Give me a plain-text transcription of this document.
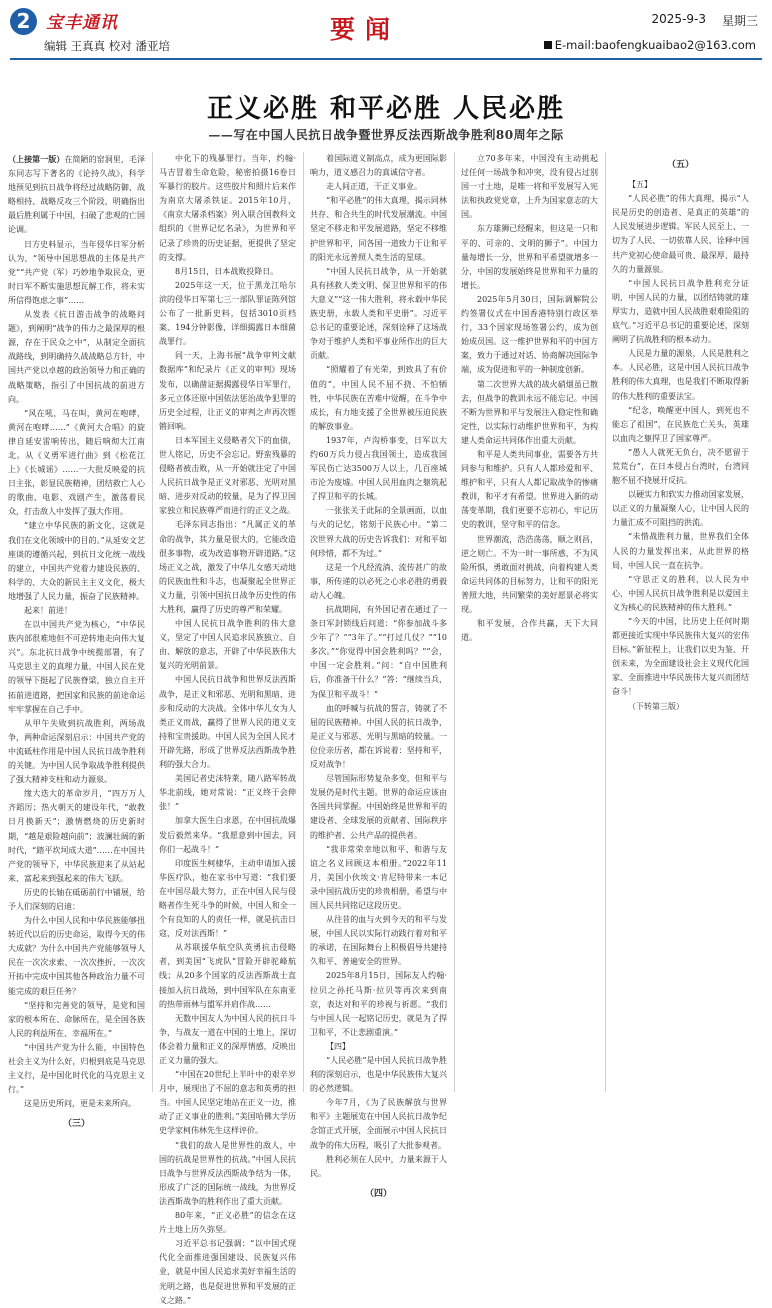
2 宝丰通讯
编辑 王真真 校对 潘亚培
要闻	2025-9-3 星期三
E-mail:baofengkuaibao2@163.com
正义必胜 和平必胜 人民必胜
——写在中国人民抗日战争暨世界反法西斯战争胜利80周年之际

（上接第一版）在简陋的窑洞里，毛泽东同志写下著名的《论持久战》，科学地预见到抗日战争将经过战略防御、战略相持、战略反攻三个阶段，明确指出最后胜利属于中国，扫破了悲观的亡国论调。

日方史料显示，当年侵华日军分析认为，“领导中国思想战的主体是共产党”“共产党（军）巧妙地争取民众，更时日军不断实施思想瓦解工作，将未实所信得饱虑之事”……

从发表《抗日游击战争的战略问题》，到阐明“战争的伟力之最深厚的根源，存在于民众之中”，从制定全面抗战路线，到明确持久战战略总方针，中国共产党以卓越的政治领导力和正确的战略策略，指引了中国抗战的前进方向。

“风在吼，马在叫，黄河在咆哮，黄河在咆哮……”《黄河大合唱》的旋律自延安雷响传出，随后响彻大江南北。从《义勇军进行曲》到《松花江上》《长城谣》……一大批反映爱的抗日主张，彰显民族精神，团结救亡人心的歌曲、电影、戏剧产生，激荡着民众，打击敌人中发挥了强大作用。

“建立中华民族的新文化，这就是我们在文化领域中的目的。”从延安文艺座谈的遵循兴起，到抗日文化统一战线的建立，中国共产党着力建设民族的、科学的、大众的新民主主义文化，极大地增强了人民力量，振奋了民族精神。

起来！前进！

在以中国共产党为核心，“中华民族内部很难地但不可逆转地走向伟大复兴”。东北抗日战争中统揽部署，有了马克思主义的真理力量，中国人民在党的领导下挺起了民族脊梁，独立自主开拓前进道路，把国家和民族的前途命运牢牢掌握在自己手中。

从甲午失败到抗战胜利，两场战争，两种命运深刻启示：中国共产党的中流砥柱作用是中国人民抗日战争胜利的关键。为中国人民争取战争胜利提供了强大精神支柱和动力源泉。

缘大迭大的革命岁月，“四万万人齐蹈厉；热火朝天的建设年代，“敢教日月换新天”；激情燃烧的历史新时期，“越是艰险越向前”；波澜壮阔的新时代，“踏平坎坷成大道”……在中国共产党的领导下，中华民族迎来了从站起来、富起来到强起来的伟大飞跃。

历史的长轴在砥砺前行中铺展，给予人们深刻的启迪：

为什么中国人民和中华民族能够扭转近代以后的历史命运，取得今天的伟大成就？为什么中国共产党能够领导人民在一次次求索、一次次挫折、一次次开拓中完成中国其他各种政治力量不可能完成的艰巨任务？

“坚持和完善党的领导，是党和国家的根本所在、命脉所在，是全国各族人民的利益所在、幸福所在。”

“中国共产党为什么能，中国特色社会主义为什么好，归根到底是马克思主义行，是中国化时代化的马克思主义行。”

这是历史所问，更是未来所向。

（三）

中化下的残暴罪行。当年，约翰·马吉冒着生命危险，秘密拍摄16卷日军暴行的胶片。这些胶片和照片后来作为南京大屠杀铁证。2015年10月，《南京大屠杀档案》列入联合国教科文组织的《世界记忆名录》，为世界和平记录了珍贵的历史证据，更提供了坚定的支撑。

8月15日，日本战败投降日。

2025年这一天，位于黑龙江哈尔滨的侵华日军第七三一部队罪证陈列馆公布了一批新史料，包括3010页档案、194分钟影像，详细揭露日本细菌战罪行。

同一天，上海书展“战争审判文献数据库”和纪录片《正义的审判》现场发布，以确凿证据揭露侵华日军罪行，多元立体还原中国依法惩治战争犯罪的历史全过程，让正义的审判之声再次铿锵回响。

日本军国主义侵略者欠下的血债，世人铭记，历史不会忘记。野蛮残暴的侵略者被击败，从一开始就注定了中国人民抗日战争是正义对邪恶、光明对黑暗、进步对反动的较量，是为了捍卫国家独立和民族尊严而进行的正义之战。

毛泽东同志指出：“凡属正义的革命的战争，其力量是很大的，它能改造很多事物，或为改造事物开辟道路。”这场正义之战，激发了中华儿女感天动地的民族血性和斗志，也凝聚起全世界正义力量，引领中国抗日战争历史性的伟大胜利，赢得了历史的尊严和荣耀。

中国人民抗日战争胜利的伟大意义，坚定了中国人民追求民族独立、自由、解放的意志，开辟了中华民族伟大复兴的光明前景。

中国人民抗日战争和世界反法西斯战争，是正义和邪恶、光明和黑暗、进步和反动的大决战。全体中华儿女为人类正义而战，赢得了世界人民的道义支持和宝贵援助。中国人民为全国人民才开辟先路，形成了世界反法西斯战争胜利的强大合力。

美国记者史沫特莱，随八路军转战华北前线，她对常说：“正义终于会伸张！”

加拿大医生白求恩，在中国抗战爆发后毅然来华。“我愿意到中国去，同你们一起战斗！”

印度医生柯棣华，主动申请加入援华医疗队，他在家书中写道：“我们要在中国尽最大努力，正在中国人民与侵略者作生死斗争的时候，中国人和全一个有良知的人的责任一样，就是抗击日寇，反对法西斯！”

从苏联援华航空队英勇抗击侵略者，到美国“飞虎队”冒险开辟驼峰航线；从20多个国家的反法西斯战士直接加入抗日战场，到中国军队在东南亚的热带雨林与盟军并肩作战……

无数中国友人为中国人民的抗日斗争，与战友一道在中国的土地上，深切体会着力量和正义的深厚情感，反映出正义力量的强大。

“中国在20世纪上半叶中的艰辛岁月中，展现出了不屈的意志和英勇的担当。中国人民坚定地站在正义一边，推动了正义事业的胜利。”美国哈佛大学历史学家柯伟林先生这样评价。

“我们的敌人是世界性的敌人，中国的抗战是世界性的抗战。”中国人民抗日战争与世界反法西斯战争结为一体，形成了广泛的国际统一战线，为世界反法西斯战争的胜利作出了重大贡献。

80年来，“正义必胜”的信念在这片土地上历久弥坚。

习近平总书记强调：“以中国式现代化全面推进强国建设、民族复兴伟业，就是中国人民追求美好幸福生活的光明之路，也是促进世界和平发展的正义之路。”

着国际道义制高点，成为更国际影响力，道义感召力的真诚信守者。

走人间正道，干正义事业。

“和平必胜”的伟大真理，揭示同林共存、和合共生的时代发展潮流。中国坚定不移走和平发展道路，坚定不移维护世界和平，同各国一道致力于让和平的阳光永远普照人类生活的星球。

“中国人民抗日战争，从一开始就具有拯救人类文明、保卫世界和平的伟大意义”“这一伟大胜利，将永载中华民族史册，永载人类和平史册”。习近平总书记的重要论述，深刻诠释了这场战争对于维护人类和平事业所作出的巨大贡献。

“照耀着了有光荣，到致具了有价值的”，中国人民不屈不挠、不怕牺牲，中华民族在苦难中觉醒，在斗争中成长，有力地支援了全世界被压迫民族的解放事业。

1937年，卢沟桥事变，日军以大约60万兵力侵占我国领土，造成我国军民伤亡达3500万人以上，几百座城市沦为废墟。中国人民用血肉之躯筑起了捍卫和平的长城。

一张张关于此际的全景画面，以血与火的记忆，铭刻于民族心中。“第二次世界大战的历史告诉我们：对和平如何珍惜，都不为过。”

这是一个凡经流淌、流传甚广的故事，所传递的以必死之心求必胜的勇毅动人心魄。

抗战期间，有外国记者在通过了一条日军封锁线后问道：“你参加战斗多少年了？”“3年了。”“打过几仗？”“10多次。”“你觉得中国会胜利吗？”“会，中国一定会胜利。”问：“自中国胜利后，你准备干什么？”答：“继续当兵，为保卫和平战斗！”

血的呼喊与抗战的誓言，铸就了不屈的民族精神。中国人民的抗日战争，是正义与邪恶、光明与黑暗的较量。一位位亲历者，都在诉说着：坚持和平，反对战争！

尽管国际形势复杂多变，但和平与发展仍是时代主题。世界的命运应该由各国共同掌握。中国始终是世界和平的建设者、全球发展的贡献者、国际秩序的维护者、公共产品的提供者。

“我非常荣幸地以和平、和谐与友谊之名义回顾这本相册。”2022年11月，美国小伙埃文·肯尼特带来一本记录中国抗战历史的珍贵相册，希望与中国人民共同铭记这段历史。

从往昔的血与火到今天的和平与发展，中国人民以实际行动践行着对和平的承诺，在国际舞台上积极倡导共建持久和平、普遍安全的世界。

2025年8月15日，国际友人约翰·拉贝之孙托马斯·拉贝等再次来到南京，表达对和平的珍视与祈愿。“我们与中国人民一起铭记历史，就是为了捍卫和平，不让悲剧重演。”

【四】

“人民必胜”是中国人民抗日战争胜利的深刻启示，也是中华民族伟大复兴的必然逻辑。

今年7月，《为了民族解放与世界和平》主题展览在中国人民抗日战争纪念馆正式开展，全面展示中国人民抗日战争的伟大历程，吸引了大批参观者。

胜利必须在人民中，力量来源于人民。

（四）

立70多年来，中国没有主动挑起过任何一场战争和冲突，没有侵占过别国一寸土地，是唯一将和平发展写入宪法和执政党党章，上升为国家意志的大国。

东方雄狮已经醒来，但这是一只和平的、可亲的、文明的狮子”。中国力量每增长一分，世界和平希望就增多一分，中国的发展始终是世界和平力量的增长。

2025年5月30日，国际调解院公约签署仪式在中国香港特别行政区举行，33个国家现场签署公约，成为创始成员国。这一维护世界和平的中国方案，致力于通过对话、协商解决国际争端，成为促进和平的一种制度创新。

第二次世界大战的战火硝烟虽已散去，但战争的教训永远不能忘记。中国不断为世界和平与发展注入稳定性和确定性，以实际行动维护世界和平，为构建人类命运共同体作出重大贡献。

和平是人类共同事业，需要各方共同参与和维护。只有人人都珍爱和平、维护和平，只有人人都记取战争的惨痛教训，和平才有希望。世界进入新的动荡变革期，我们更要不忘初心，牢记历史的教训，坚守和平的信念。

世界潮流，浩浩荡荡，顺之则昌，逆之则亡。不为一时一事所惑，不为风险所惧，勇敢面对挑战，向着构建人类命运共同体的目标努力，让和平的阳光普照大地，共同繁荣的美好愿景必将实现。

和平发展，合作共赢，天下大同道。

（五）

【五】

“人民必胜”的伟大真理，揭示“人民是历史的创造者、是真正的英雄”的人民发展进步逻辑。军民人民至上、一切为了人民、一切依靠人民，诠释中国共产党初心使命最可贵、最深厚、最持久的力量源泉。

“中国人民抗日战争胜利充分证明，中国人民的力量，以团结铸就的雄厚实力，造就中国人民战胜艰难险阻的底气。”习近平总书记的重要论述，深刻阐明了抗战胜利的根本动力。

人民是力量的源泉，人民是胜利之本。人民必胜，这是中国人民抗日战争胜利的伟大真理，也是我们不断取得新的伟大胜利的重要法宝。

“纪念，唤醒更中国人，到死也不能忘了祖国”，在民族危亡关头，英雄以血肉之躯捍卫了国家尊严。

“愚人人就死无负台，决不愿留于荒荒台”，在日本侵占台湾时，台湾同胞不屈不挠展开反抗。

以硬实力和软实力推动国家发展，以正义的力量凝聚人心，让中国人民的力量汇成不可阻挡的洪流。

“未惜战胜利力量，世界我们全体人民的力量发挥出来，从此世界的格局，中国人民一直在抗争。

“守思正义的胜利，以人民为中心，中国人民抗日战争胜利是以爱国主义为核心的民族精神的伟大胜利。”

“今天的中国，比历史上任何时期都更接近实现中华民族伟大复兴的宏伟目标。”新征程上，让我们以史为鉴、开创未来，为全面建设社会主义现代化国家、全面推进中华民族伟大复兴而团结奋斗！

（下转第三版）
